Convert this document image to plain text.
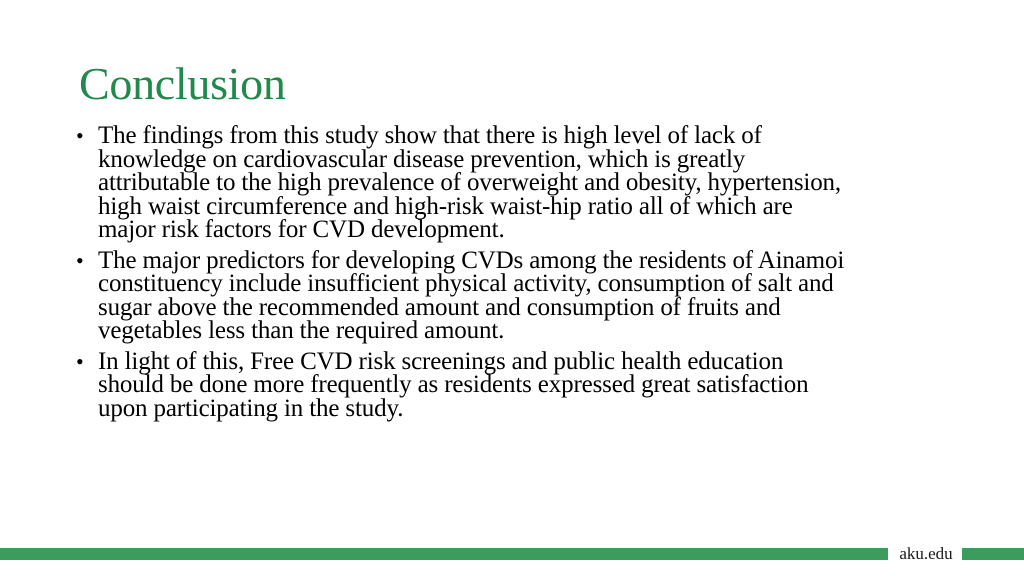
Conclusion
• The findings from this study show that there is high level of lack of
knowledge on cardiovascular disease prevention, which is greatly
attributable to the high prevalence of overweight and obesity, hypertension,
high waist circumference and high-risk waist-hip ratio all of which are
major risk factors for CVD development.
• The major predictors for developing CVDs among the residents of Ainamoi
constituency include insufficient physical activity, consumption of salt and
sugar above the recommended amount and consumption of fruits and
vegetables less than the required amount.
• In light of this, Free CVD risk screenings and public health education
should be done more frequently as residents expressed great satisfaction
upon participating in the study.
aku.edu
